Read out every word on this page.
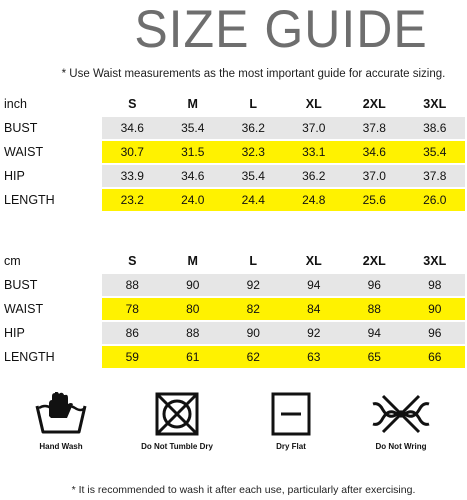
SIZE GUIDE
* Use Waist measurements as the most important guide for accurate sizing.
inch	S	M	L	XL	2XL	3XL
BUST	34.6	35.4	36.2	37.0	37.8	38.6
WAIST	30.7	31.5	32.3	33.1	34.6	35.4
HIP	33.9	34.6	35.4	36.2	37.0	37.8
LENGTH	23.2	24.0	24.4	24.8	25.6	26.0
cm	S	M	L	XL	2XL	3XL
BUST	88	90	92	94	96	98
WAIST	78	80	82	84	88	90
HIP	86	88	90	92	94	96
LENGTH	59	61	62	63	65	66
Hand Wash	Do Not Tumble Dry	Dry Flat	Do Not Wring
* It is recommended to wash it after each use, particularly after exercising.
